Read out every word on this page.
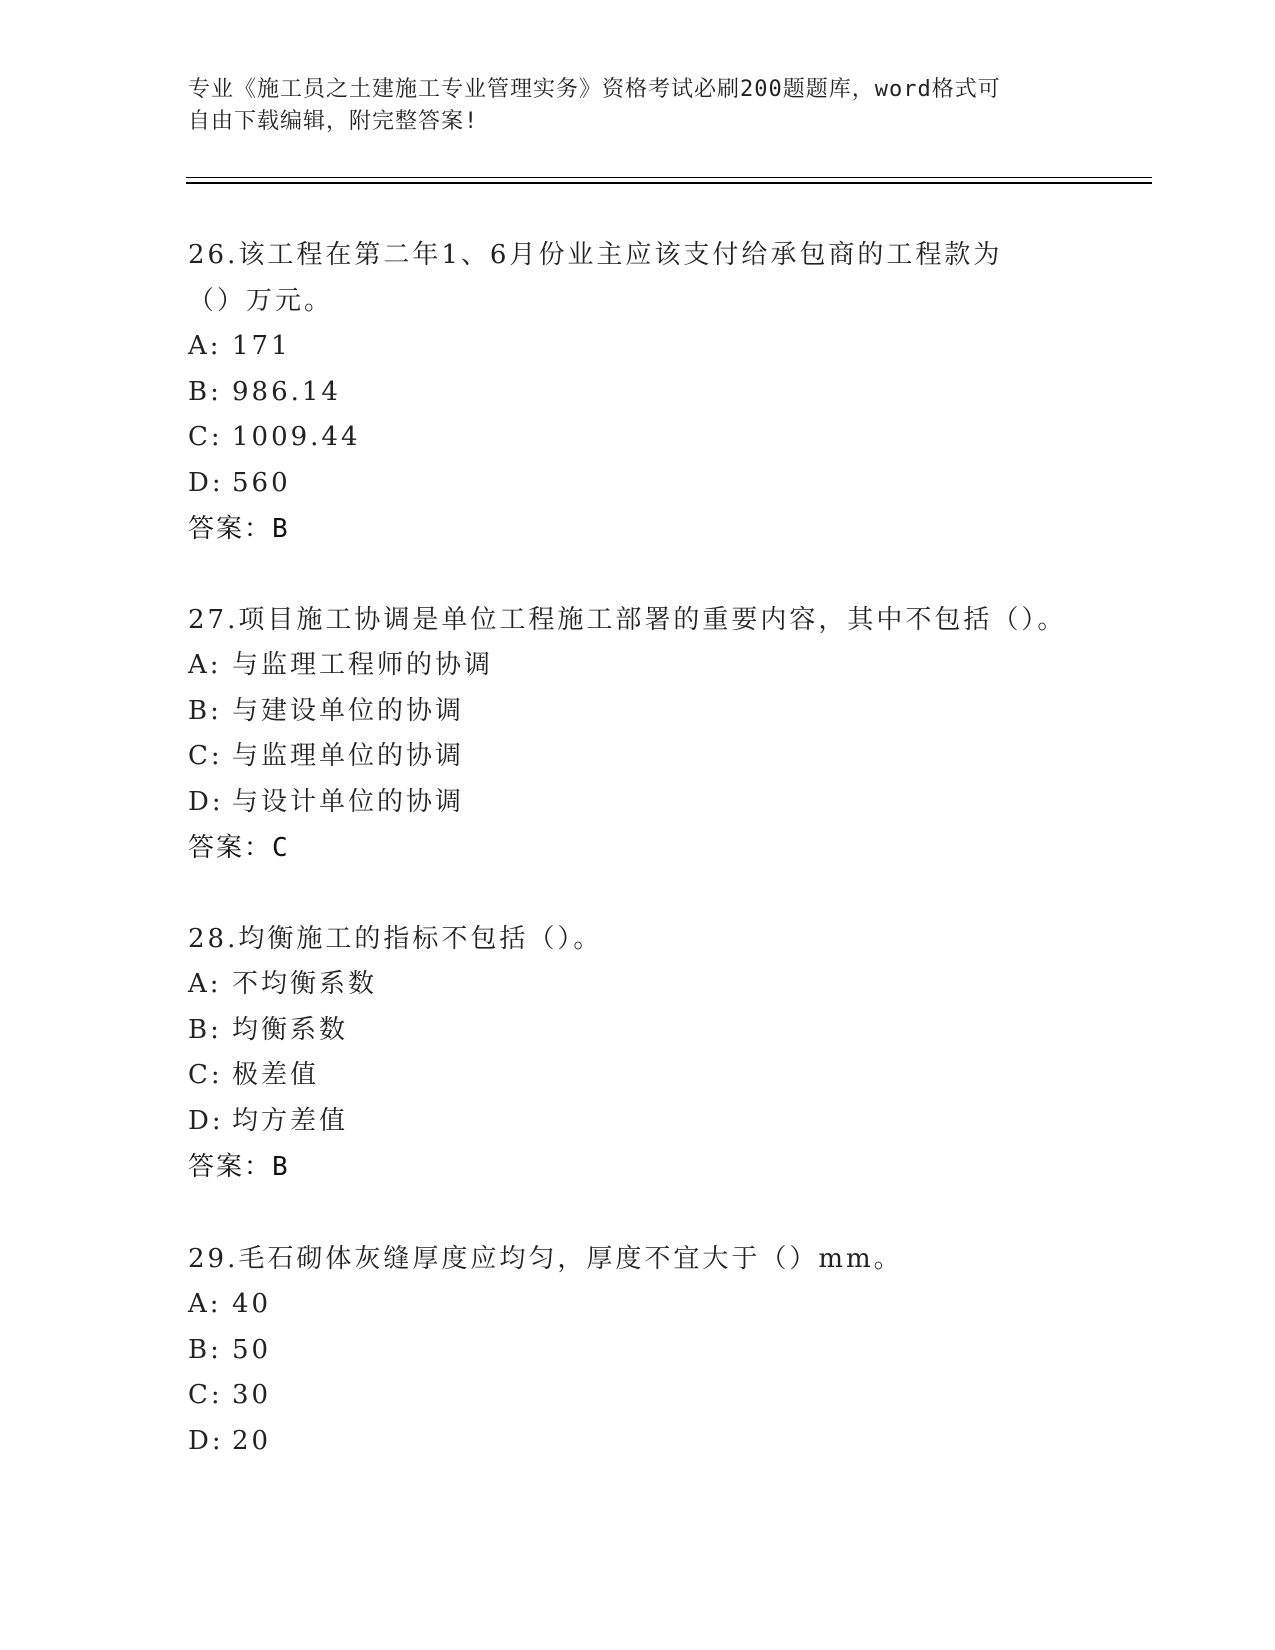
专业《施工员之土建施工专业管理实务》资格考试必刷200题题库，word格式可
自由下载编辑，附完整答案!

26.该工程在第二年1、6月份业主应该支付给承包商的工程款为（）万元。

A: 171

B: 986.14

C: 1009.44

D: 560

答案：B

27.项目施工协调是单位工程施工部署的重要内容，其中不包括（）。

A: 与监理工程师的协调

B: 与建设单位的协调

C: 与监理单位的协调

D: 与设计单位的协调

答案：C

28.均衡施工的指标不包括（）。

A: 不均衡系数

B: 均衡系数

C: 极差值

D: 均方差值

答案：B

29.毛石砌体灰缝厚度应均匀，厚度不宜大于（）mm。

A: 40

B: 50

C: 30

D: 20
